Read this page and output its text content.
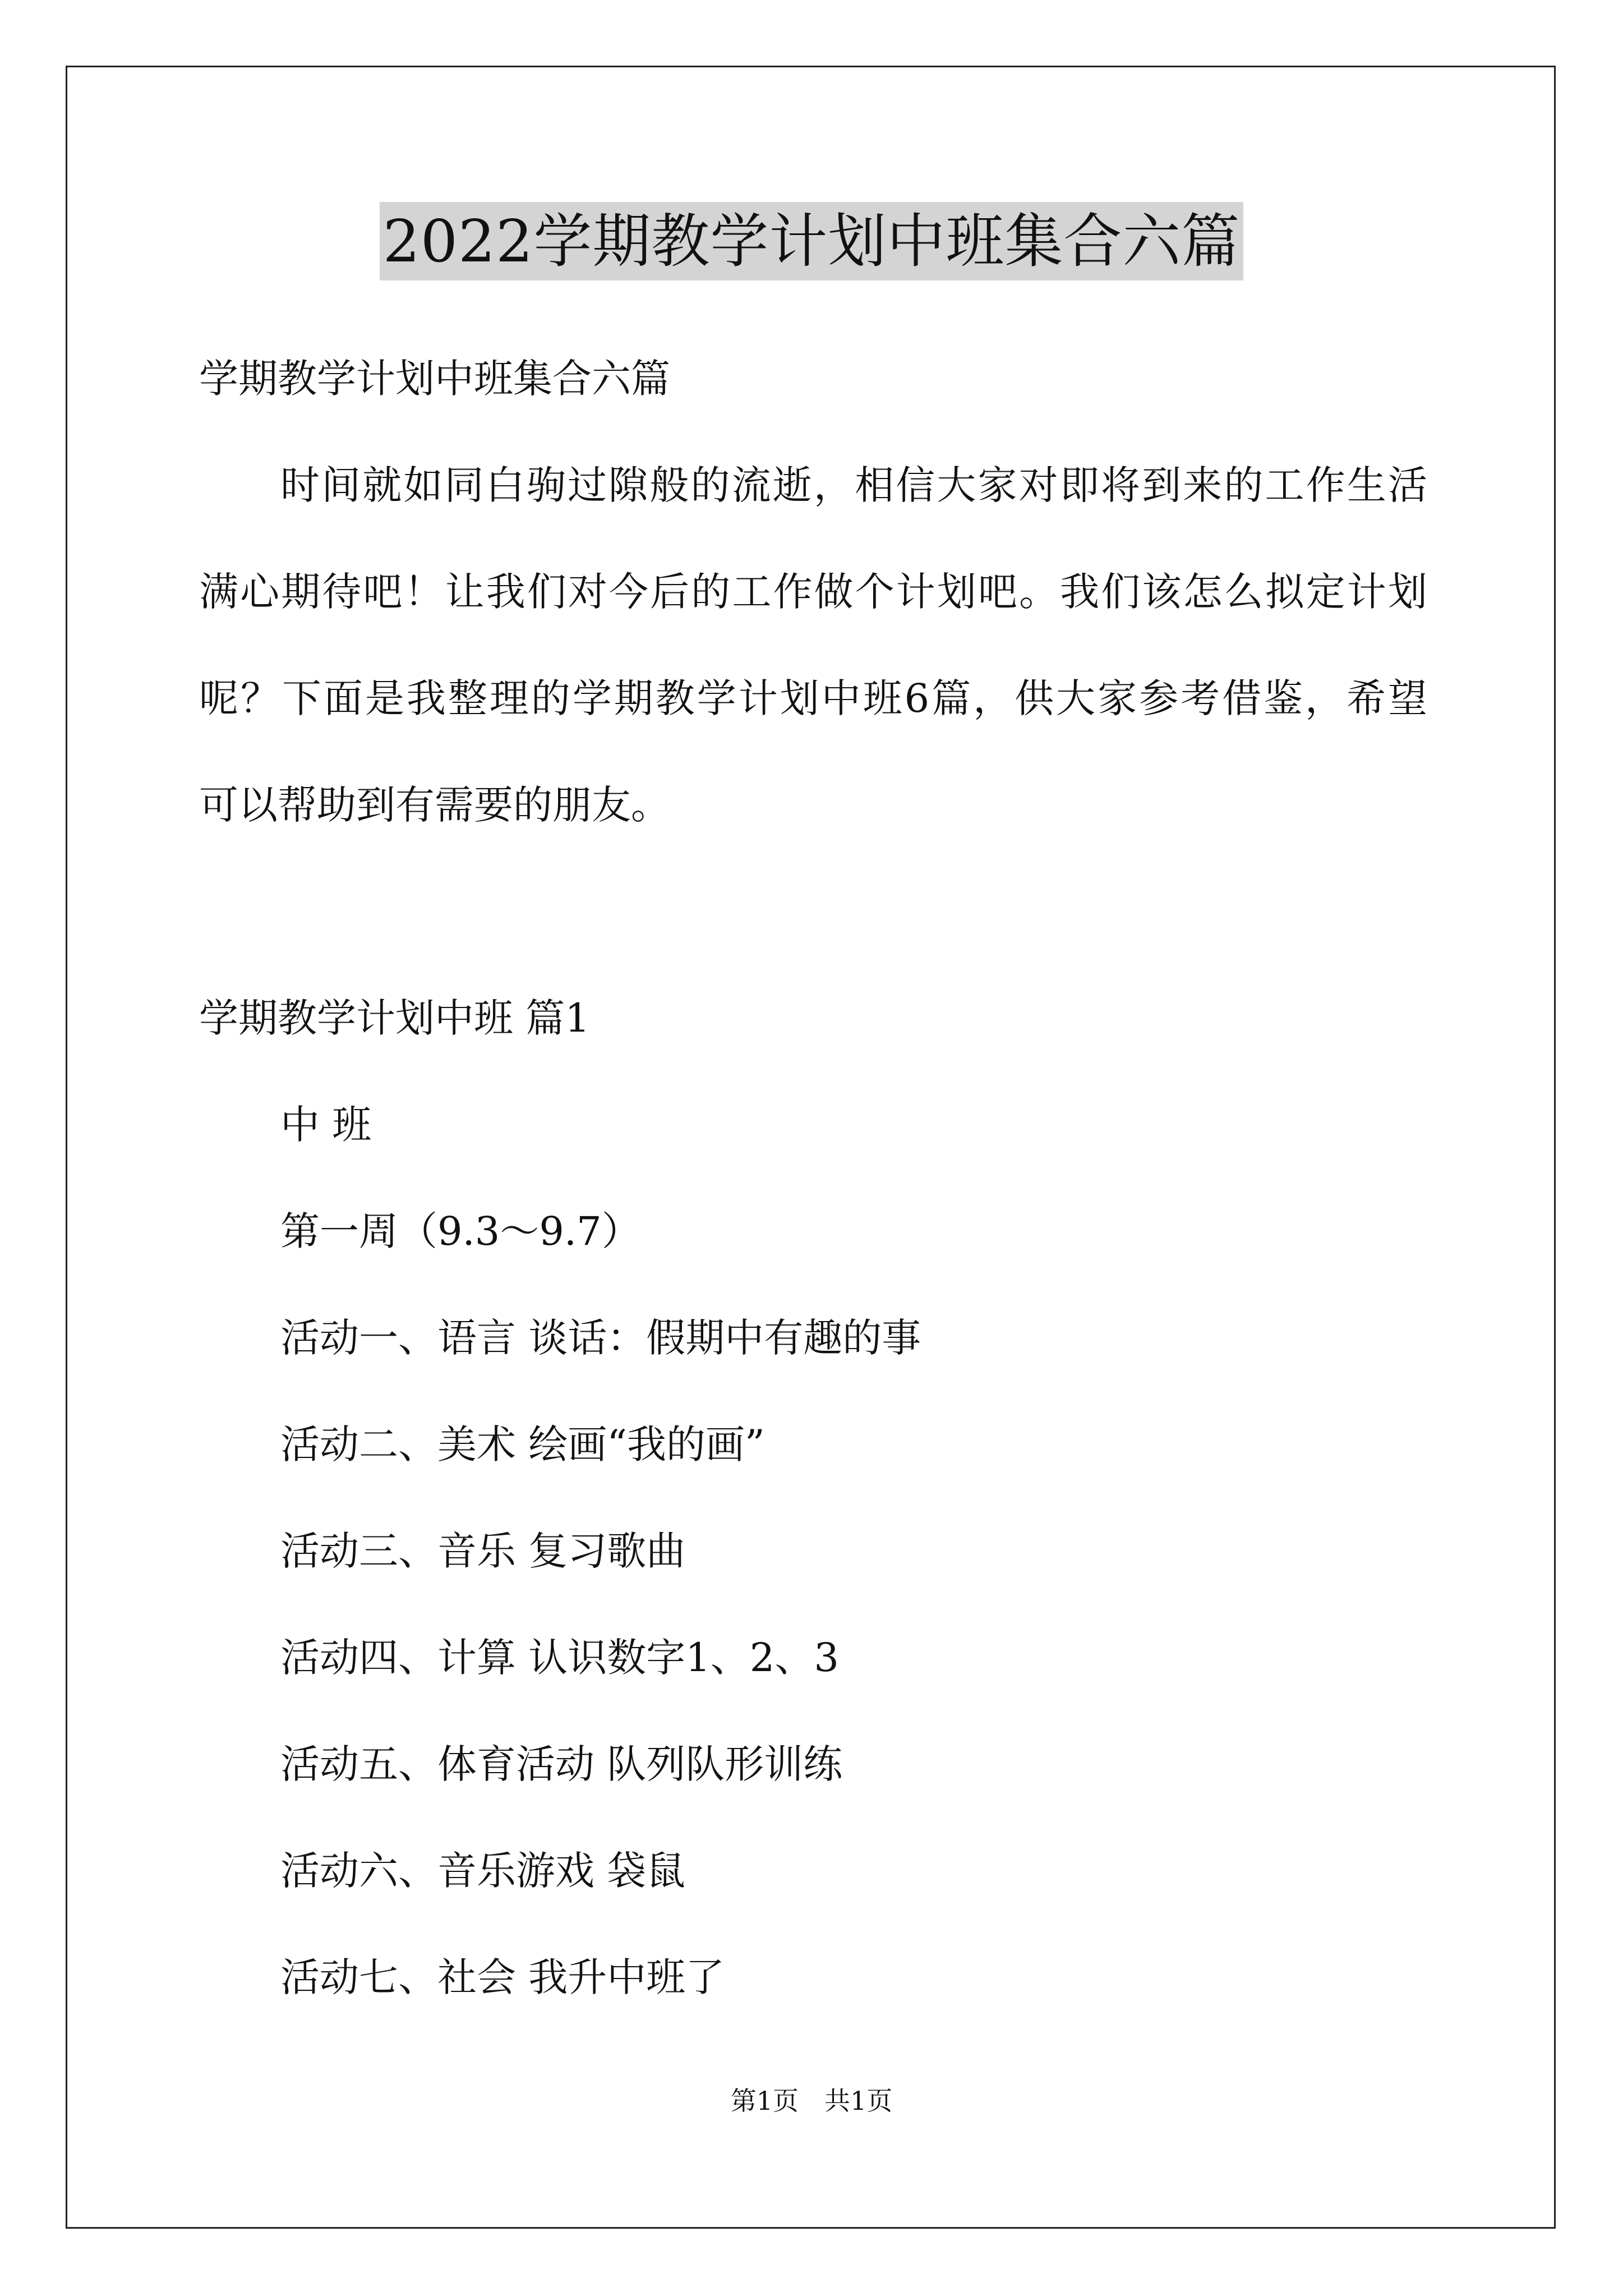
2022学期教学计划中班集合六篇
学期教学计划中班集合六篇
时间就如同白驹过隙般的流逝，相信大家对即将到来的工作生活
满心期待吧！让我们对今后的工作做个计划吧。我们该怎么拟定计划
呢？下面是我整理的学期教学计划中班6篇，供大家参考借鉴，希望
可以帮助到有需要的朋友。
学期教学计划中班 篇1
中 班
第一周（9.3～9.7）
活动一、语言 谈话：假期中有趣的事
活动二、美术 绘画“我的画”
活动三、音乐 复习歌曲
活动四、计算 认识数字1、2、3
活动五、体育活动 队列队形训练
活动六、音乐游戏 袋鼠
活动七、社会 我升中班了
第1页　共1页
